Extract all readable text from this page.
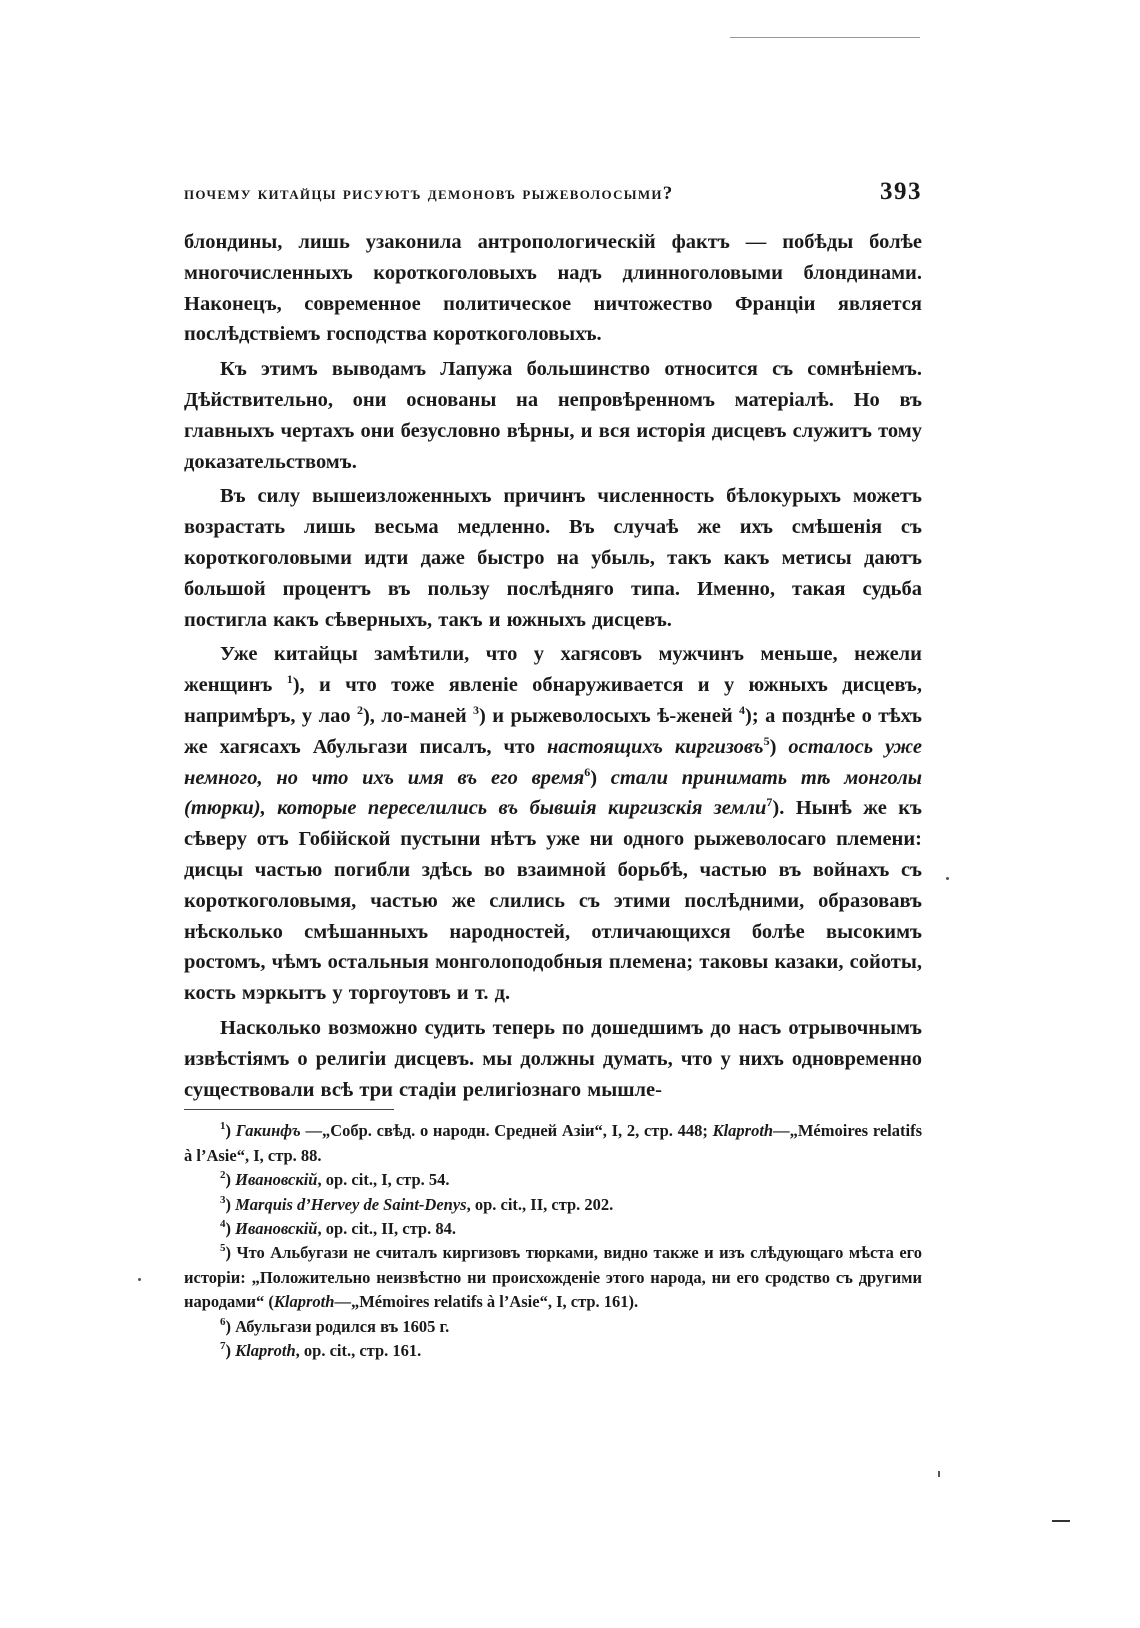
почему китайцы рисуютъ демоновъ рыжеволосыми?	393

блондины, лишь узаконила антропологическій фактъ — побѣды болѣе многочисленныхъ короткоголовыхъ надъ длинноголовыми блондинами. Наконецъ, современное политическое ничтожество Франціи является послѣдствіемъ господства короткоголовыхъ.

Къ этимъ выводамъ Лапужа большинство относится съ сомнѣніемъ. Дѣйствительно, они основаны на непровѣренномъ матеріалѣ. Но въ главныхъ чертахъ они безусловно вѣрны, и вся исторія дисцевъ служитъ тому доказательствомъ.

Въ силу вышеизложенныхъ причинъ численность бѣлокурыхъ можетъ возрастать лишь весьма медленно. Въ случаѣ же ихъ смѣшенія съ короткоголовыми идти даже быстро на убыль, такъ какъ метисы даютъ большой процентъ въ пользу послѣдняго типа. Именно, такая судьба постигла какъ сѣверныхъ, такъ и южныхъ дисцевъ.

Уже китайцы замѣтили, что у хагясовъ мужчинъ меньше, нежели женщинъ $^1$), и что тоже явленіе обнаруживается и у южныхъ дисцевъ, напримѣръ, у лао $^2$), ло-маней $^3$) и рыжеволосыхъ ѣ-женей $^4$); а позднѣе о тѣхъ же хагясахъ Абульгази писалъ, что настоящихъ киргизовъ$^5$) осталось уже немного, но что ихъ имя въ его время$^6$) стали принимать тѣ монголы (тюрки), которые переселились въ бывшія киргизскія земли$^7$). Нынѣ же къ сѣверу отъ Гобійской пустыни нѣтъ уже ни одного рыжеволосаго племени: дисцы частью погибли здѣсь во взаимной борьбѣ, частью въ войнахъ съ короткоголовымя, частью же слились съ этими послѣдними, образовавъ нѣсколько смѣшанныхъ народностей, отличающихся болѣе высокимъ ростомъ, чѣмъ остальныя монголоподобныя племена; таковы казаки, сойоты, кость мэркытъ у торгоутовъ и т. д.

Насколько возможно судить теперь по дошедшимъ до насъ отрывочнымъ извѣстіямъ о религіи дисцевъ. мы должны думать, что у нихъ одновременно существовали всѣ три стадіи религіознаго мышле-

$^1$) Гакинфъ —„Собр. свѣд. о народн. Средней Азіи“, I, 2, стр. 448; Klaproth—„Mémoires relatifs à l’Asie“, I, стр. 88.
$^2$) Ивановскій, op. cit., I, стр. 54.
$^3$) Marquis d’Hervey de Saint-Denys, op. cit., II, стр. 202.
$^4$) Ивановскій, op. cit., II, стр. 84.
$^5$) Что Альбугази не считалъ киргизовъ тюрками, видно также и изъ слѣдующаго мѣста его исторіи: „Положительно неизвѣстно ни происхожденіе этого народа, ни его сродство съ другими народами“ (Klaproth—„Mémoires relatifs à l’Asie“, I, стр. 161).
$^6$) Абульгази родился въ 1605 г.
$^7$) Klaproth, op. cit., стр. 161.
